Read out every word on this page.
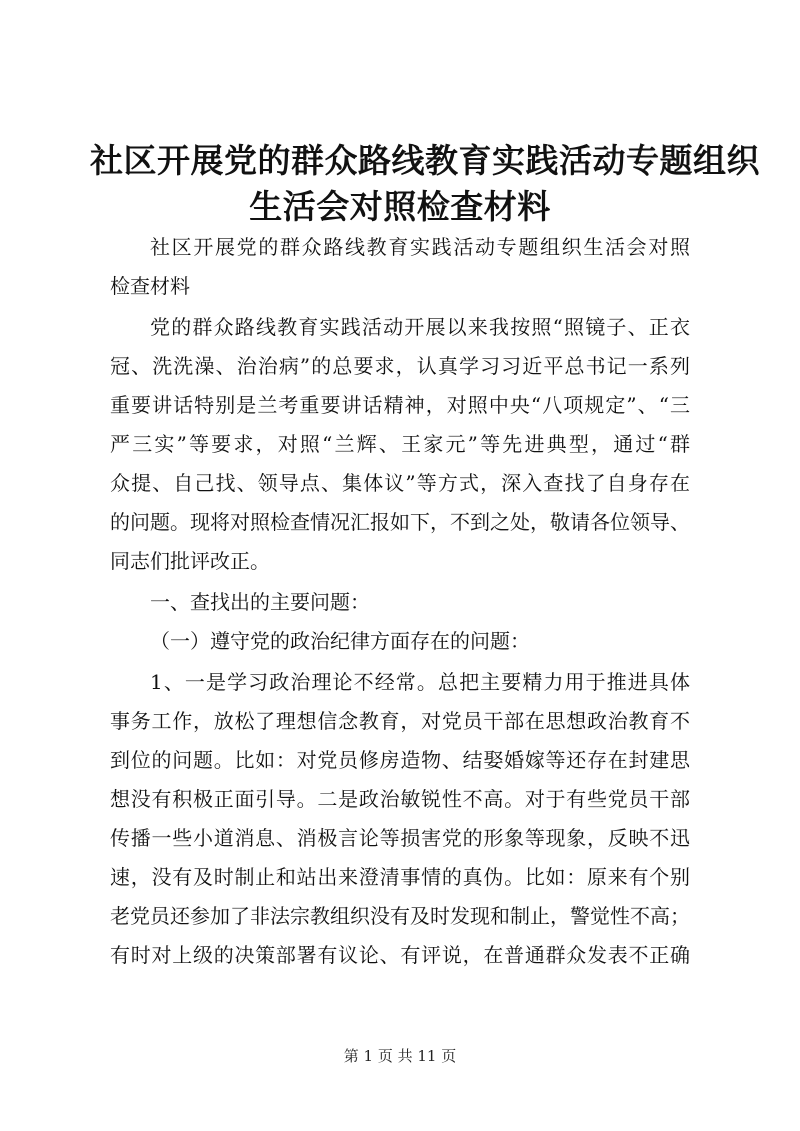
社区开展党的群众路线教育实践活动专题组织
生活会对照检查材料

社区开展党的群众路线教育实践活动专题组织生活会对照

检查材料

党的群众路线教育实践活动开展以来我按照“照镜子、正衣

冠、洗洗澡、治治病”的总要求，认真学习习近平总书记一系列

重要讲话特别是兰考重要讲话精神，对照中央“八项规定”、“三

严三实”等要求，对照“兰辉、王家元”等先进典型，通过“群

众提、自己找、领导点、集体议”等方式，深入查找了自身存在

的问题。现将对照检查情况汇报如下，不到之处，敬请各位领导、

同志们批评改正。

一、查找出的主要问题：

（一）遵守党的政治纪律方面存在的问题：

1、一是学习政治理论不经常。总把主要精力用于推进具体

事务工作，放松了理想信念教育，对党员干部在思想政治教育不

到位的问题。比如：对党员修房造物、结娶婚嫁等还存在封建思

想没有积极正面引导。二是政治敏锐性不高。对于有些党员干部

传播一些小道消息、消极言论等损害党的形象等现象，反映不迅

速，没有及时制止和站出来澄清事情的真伪。比如：原来有个别

老党员还参加了非法宗教组织没有及时发现和制止，警觉性不高；

有时对上级的决策部署有议论、有评说，在普通群众发表不正确

第 1 页 共 11 页
